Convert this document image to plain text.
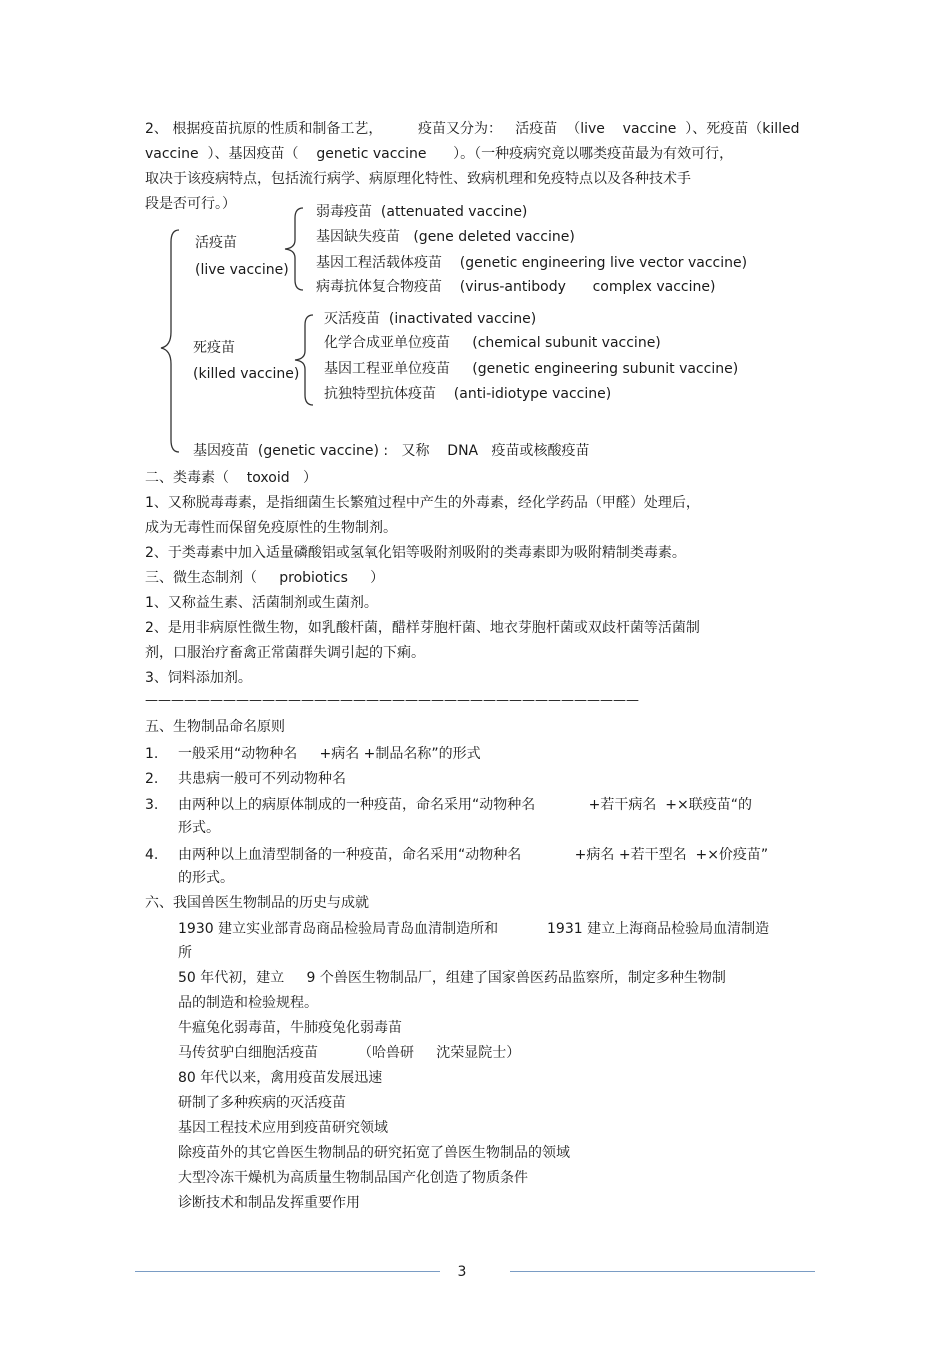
2、 根据疫苗抗原的性质和制备工艺，        疫苗又分为：   活疫苗  （live    vaccine  ）、死疫苗（killed
vaccine  ）、基因疫苗（    genetic vaccine      ）。（一种疫病究竟以哪类疫苗最为有效可行，
取决于该疫病特点，包括流行病学、病原理化特性、致病机理和免疫特点以及各种技术手
段是否可行。）
活疫苗
(live vaccine)
弱毒疫苗  (attenuated vaccine)
基因缺失疫苗   (gene deleted vaccine)
基因工程活载体疫苗    (genetic engineering live vector vaccine)
病毒抗体复合物疫苗    (virus-antibody      complex vaccine)
死疫苗
(killed vaccine)
灭活疫苗  (inactivated vaccine)
化学合成亚单位疫苗     (chemical subunit vaccine)
基因工程亚单位疫苗     (genetic engineering subunit vaccine)
抗独特型抗体疫苗    (anti-idiotype vaccine)
基因疫苗  (genetic vaccine) :   又称    DNA   疫苗或核酸疫苗
二、类毒素（    toxoid   ）
1、又称脱毒毒素，是指细菌生长繁殖过程中产生的外毒素，经化学药品（甲醛）处理后，
成为无毒性而保留免疫原性的生物制剂。
2、于类毒素中加入适量磷酸铝或氢氧化铝等吸附剂吸附的类毒素即为吸附精制类毒素。
三、微生态制剂（     probiotics     ）
1、又称益生素、活菌制剂或生菌剂。
2、是用非病原性微生物，如乳酸杆菌，醋样芽胞杆菌、地衣芽胞杆菌或双歧杆菌等活菌制
剂，口服治疗畜禽正常菌群失调引起的下痢。
3、饲料添加剂。
——————————————————————————————————————
五、生物制品命名原则
1. 一般采用“动物种名     +病名 +制品名称”的形式
2. 共患病一般可不列动物种名
3. 由两种以上的病原体制成的一种疫苗，命名采用“动物种名            +若干病名  +×联疫苗“的
形式。
4. 由两种以上血清型制备的一种疫苗，命名采用“动物种名            +病名 +若干型名  +×价疫苗”
的形式。
六、我国兽医生物制品的历史与成就
1930 建立实业部青岛商品检验局青岛血清制造所和           1931 建立上海商品检验局血清制造
所
50 年代初，建立     9 个兽医生物制品厂，组建了国家兽医药品监察所，制定多种生物制
品的制造和检验规程。
牛瘟兔化弱毒苗，牛肺疫兔化弱毒苗
马传贫驴白细胞活疫苗         （哈兽研     沈荣显院士）
80 年代以来，禽用疫苗发展迅速
研制了多种疾病的灭活疫苗
基因工程技术应用到疫苗研究领域
除疫苗外的其它兽医生物制品的研究拓宽了兽医生物制品的领域
大型冷冻干燥机为高质量生物制品国产化创造了物质条件
诊断技术和制品发挥重要作用
3
